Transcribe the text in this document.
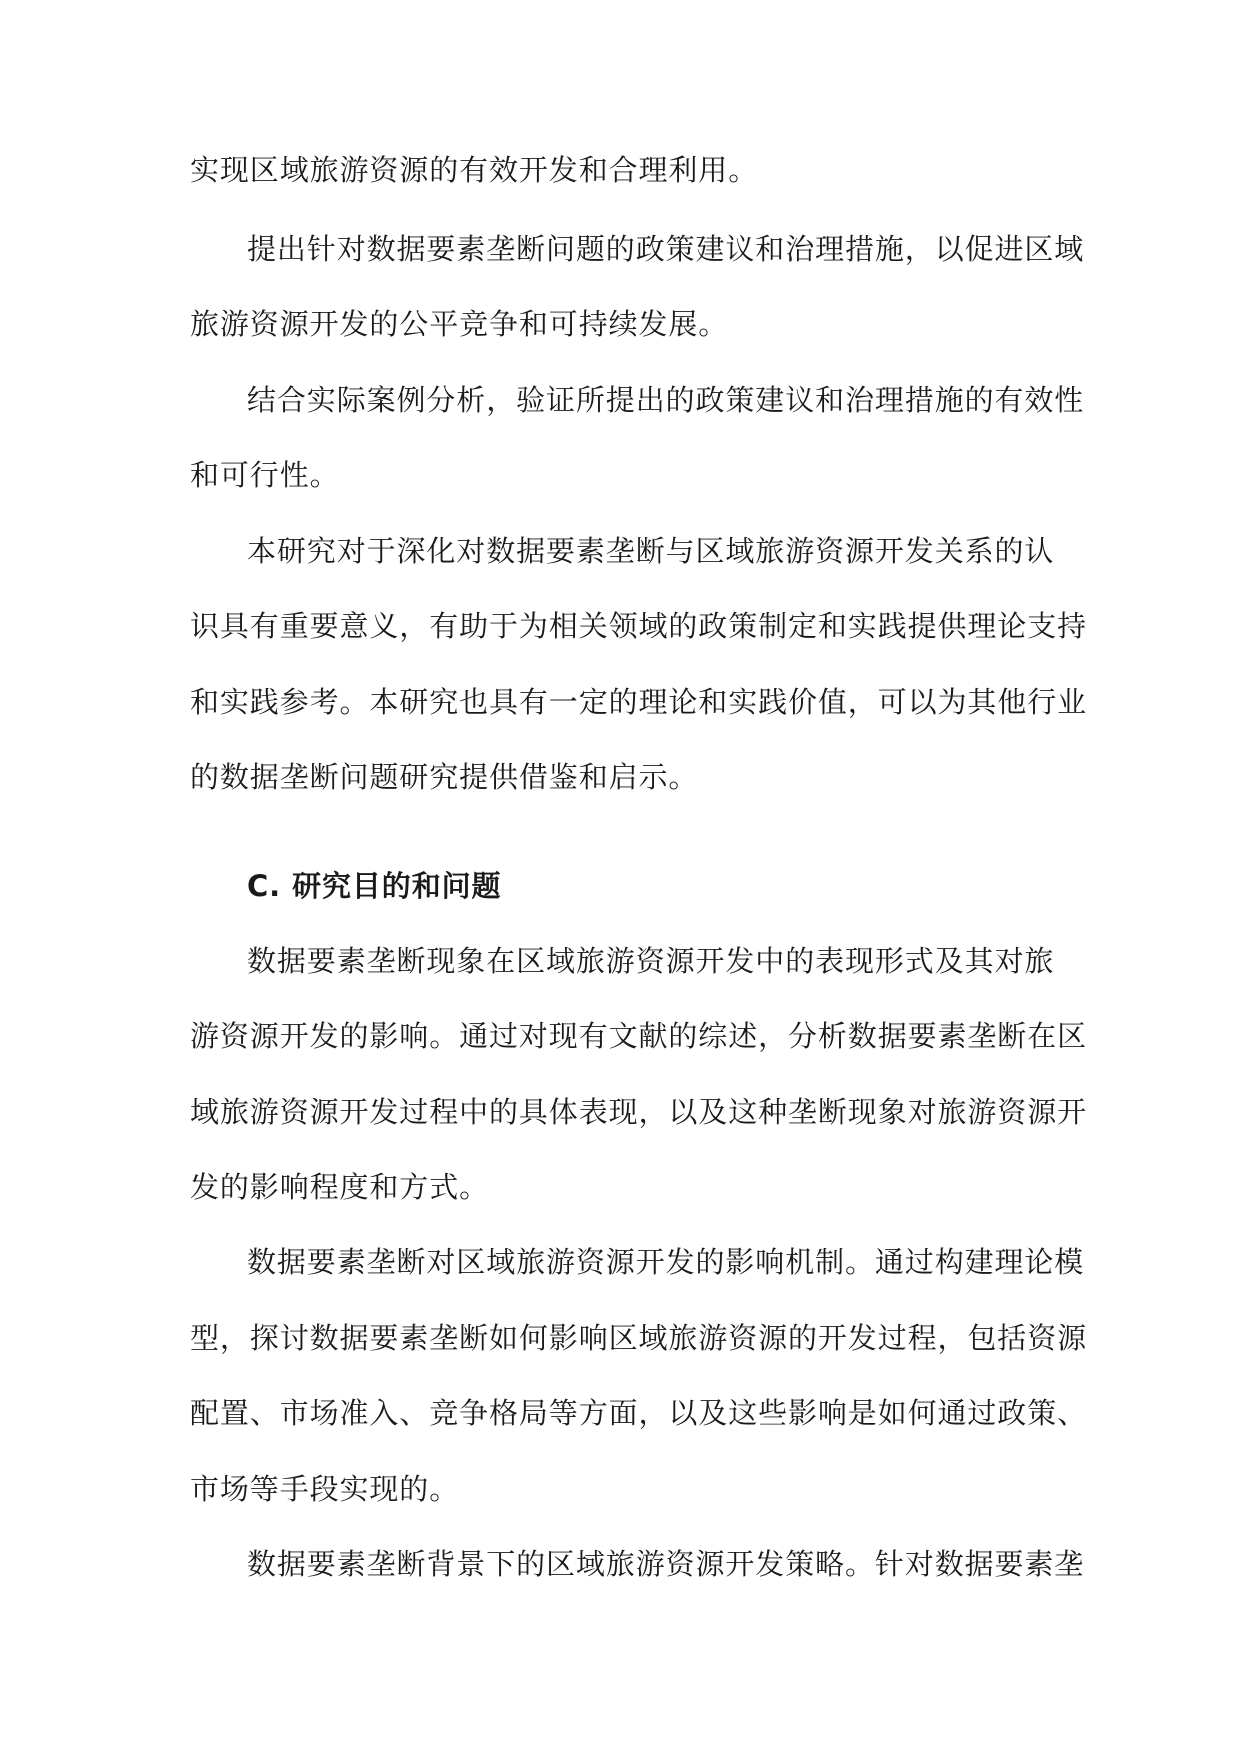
实现区域旅游资源的有效开发和合理利用。
提出针对数据要素垄断问题的政策建议和治理措施，以促进区域
旅游资源开发的公平竞争和可持续发展。
结合实际案例分析，验证所提出的政策建议和治理措施的有效性
和可行性。
本研究对于深化对数据要素垄断与区域旅游资源开发关系的认
识具有重要意义，有助于为相关领域的政策制定和实践提供理论支持
和实践参考。本研究也具有一定的理论和实践价值，可以为其他行业
的数据垄断问题研究提供借鉴和启示。
C. 研究目的和问题
数据要素垄断现象在区域旅游资源开发中的表现形式及其对旅
游资源开发的影响。通过对现有文献的综述，分析数据要素垄断在区
域旅游资源开发过程中的具体表现，以及这种垄断现象对旅游资源开
发的影响程度和方式。
数据要素垄断对区域旅游资源开发的影响机制。通过构建理论模
型，探讨数据要素垄断如何影响区域旅游资源的开发过程，包括资源
配置、市场准入、竞争格局等方面，以及这些影响是如何通过政策、
市场等手段实现的。
数据要素垄断背景下的区域旅游资源开发策略。针对数据要素垄
